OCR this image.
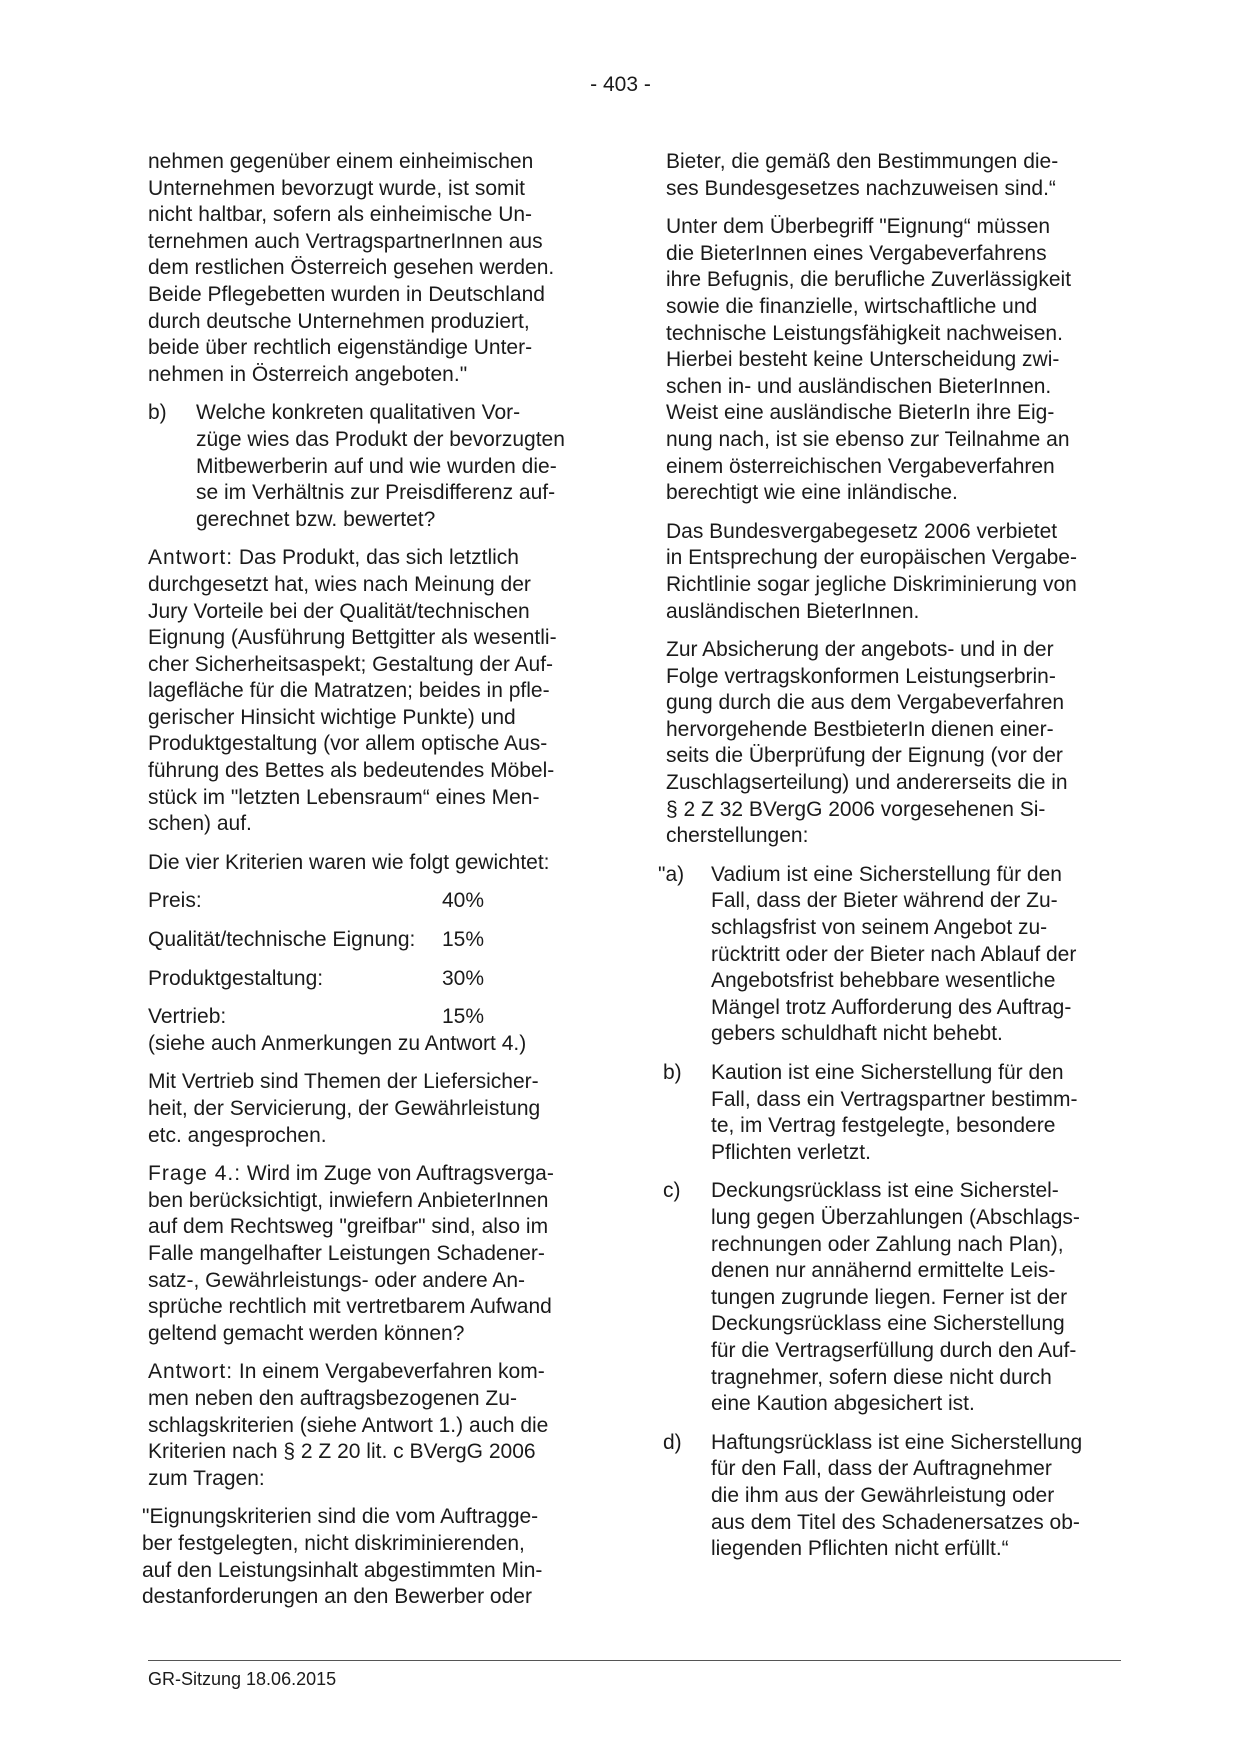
- 403 -

nehmen gegenüber einem einheimischen
Unternehmen bevorzugt wurde, ist somit
nicht haltbar, sofern als einheimische Un-
ternehmen auch VertragspartnerInnen aus
dem restlichen Österreich gesehen werden.
Beide Pflegebetten wurden in Deutschland
durch deutsche Unternehmen produziert,
beide über rechtlich eigenständige Unter-
nehmen in Österreich angeboten."

b)	Welche konkreten qualitativen Vor-
züge wies das Produkt der bevorzugten
Mitbewerberin auf und wie wurden die-
se im Verhältnis zur Preisdifferenz auf-
gerechnet bzw. bewertet?

Antwort: Das Produkt, das sich letztlich
durchgesetzt hat, wies nach Meinung der
Jury Vorteile bei der Qualität/technischen
Eignung (Ausführung Bettgitter als wesentli-
cher Sicherheitsaspekt; Gestaltung der Auf-
lagefläche für die Matratzen; beides in pfle-
gerischer Hinsicht wichtige Punkte) und
Produktgestaltung (vor allem optische Aus-
führung des Bettes als bedeutendes Möbel-
stück im "letzten Lebensraum“ eines Men-
schen) auf.

Die vier Kriterien waren wie folgt gewichtet:

Preis:	40%
Qualität/technische Eignung:	15%
Produktgestaltung:	30%
Vertrieb:	15%

(siehe auch Anmerkungen zu Antwort 4.)

Mit Vertrieb sind Themen der Liefersicher-
heit, der Servicierung, der Gewährleistung
etc. angesprochen.

Frage 4.: Wird im Zuge von Auftragsverga-
ben berücksichtigt, inwiefern AnbieterInnen
auf dem Rechtsweg "greifbar" sind, also im
Falle mangelhafter Leistungen Schadener-
satz-, Gewährleistungs- oder andere An-
sprüche rechtlich mit vertretbarem Aufwand
geltend gemacht werden können?

Antwort: In einem Vergabeverfahren kom-
men neben den auftragsbezogenen Zu-
schlagskriterien (siehe Antwort 1.) auch die
Kriterien nach § 2 Z 20 lit. c BVergG 2006
zum Tragen:

"Eignungskriterien sind die vom Auftragge-
ber festgelegten, nicht diskriminierenden,
auf den Leistungsinhalt abgestimmten Min-
destanforderungen an den Bewerber oder

Bieter, die gemäß den Bestimmungen die-
ses Bundesgesetzes nachzuweisen sind.“

Unter dem Überbegriff "Eignung“ müssen
die BieterInnen eines Vergabeverfahrens
ihre Befugnis, die berufliche Zuverlässigkeit
sowie die finanzielle, wirtschaftliche und
technische Leistungsfähigkeit nachweisen.
Hierbei besteht keine Unterscheidung zwi-
schen in- und ausländischen BieterInnen.
Weist eine ausländische BieterIn ihre Eig-
nung nach, ist sie ebenso zur Teilnahme an
einem österreichischen Vergabeverfahren
berechtigt wie eine inländische.

Das Bundesvergabegesetz 2006 verbietet
in Entsprechung der europäischen Vergabe-
Richtlinie sogar jegliche Diskriminierung von
ausländischen BieterInnen.

Zur Absicherung der angebots- und in der
Folge vertragskonformen Leistungserbrin-
gung durch die aus dem Vergabeverfahren
hervorgehende BestbieterIn dienen einer-
seits die Überprüfung der Eignung (vor der
Zuschlagserteilung) und andererseits die in
§ 2 Z 32 BVergG 2006 vorgesehenen Si-
cherstellungen:

"a)	Vadium ist eine Sicherstellung für den
Fall, dass der Bieter während der Zu-
schlagsfrist von seinem Angebot zu-
rücktritt oder der Bieter nach Ablauf der
Angebotsfrist behebbare wesentliche
Mängel trotz Aufforderung des Auftrag-
gebers schuldhaft nicht behebt.
b)	Kaution ist eine Sicherstellung für den
Fall, dass ein Vertragspartner bestimm-
te, im Vertrag festgelegte, besondere
Pflichten verletzt.
c)	Deckungsrücklass ist eine Sicherstel-
lung gegen Überzahlungen (Abschlags-
rechnungen oder Zahlung nach Plan),
denen nur annähernd ermittelte Leis-
tungen zugrunde liegen. Ferner ist der
Deckungsrücklass eine Sicherstellung
für die Vertragserfüllung durch den Auf-
tragnehmer, sofern diese nicht durch
eine Kaution abgesichert ist.
d)	Haftungsrücklass ist eine Sicherstellung
für den Fall, dass der Auftragnehmer
die ihm aus der Gewährleistung oder
aus dem Titel des Schadenersatzes ob-
liegenden Pflichten nicht erfüllt.“
GR-Sitzung 18.06.2015
